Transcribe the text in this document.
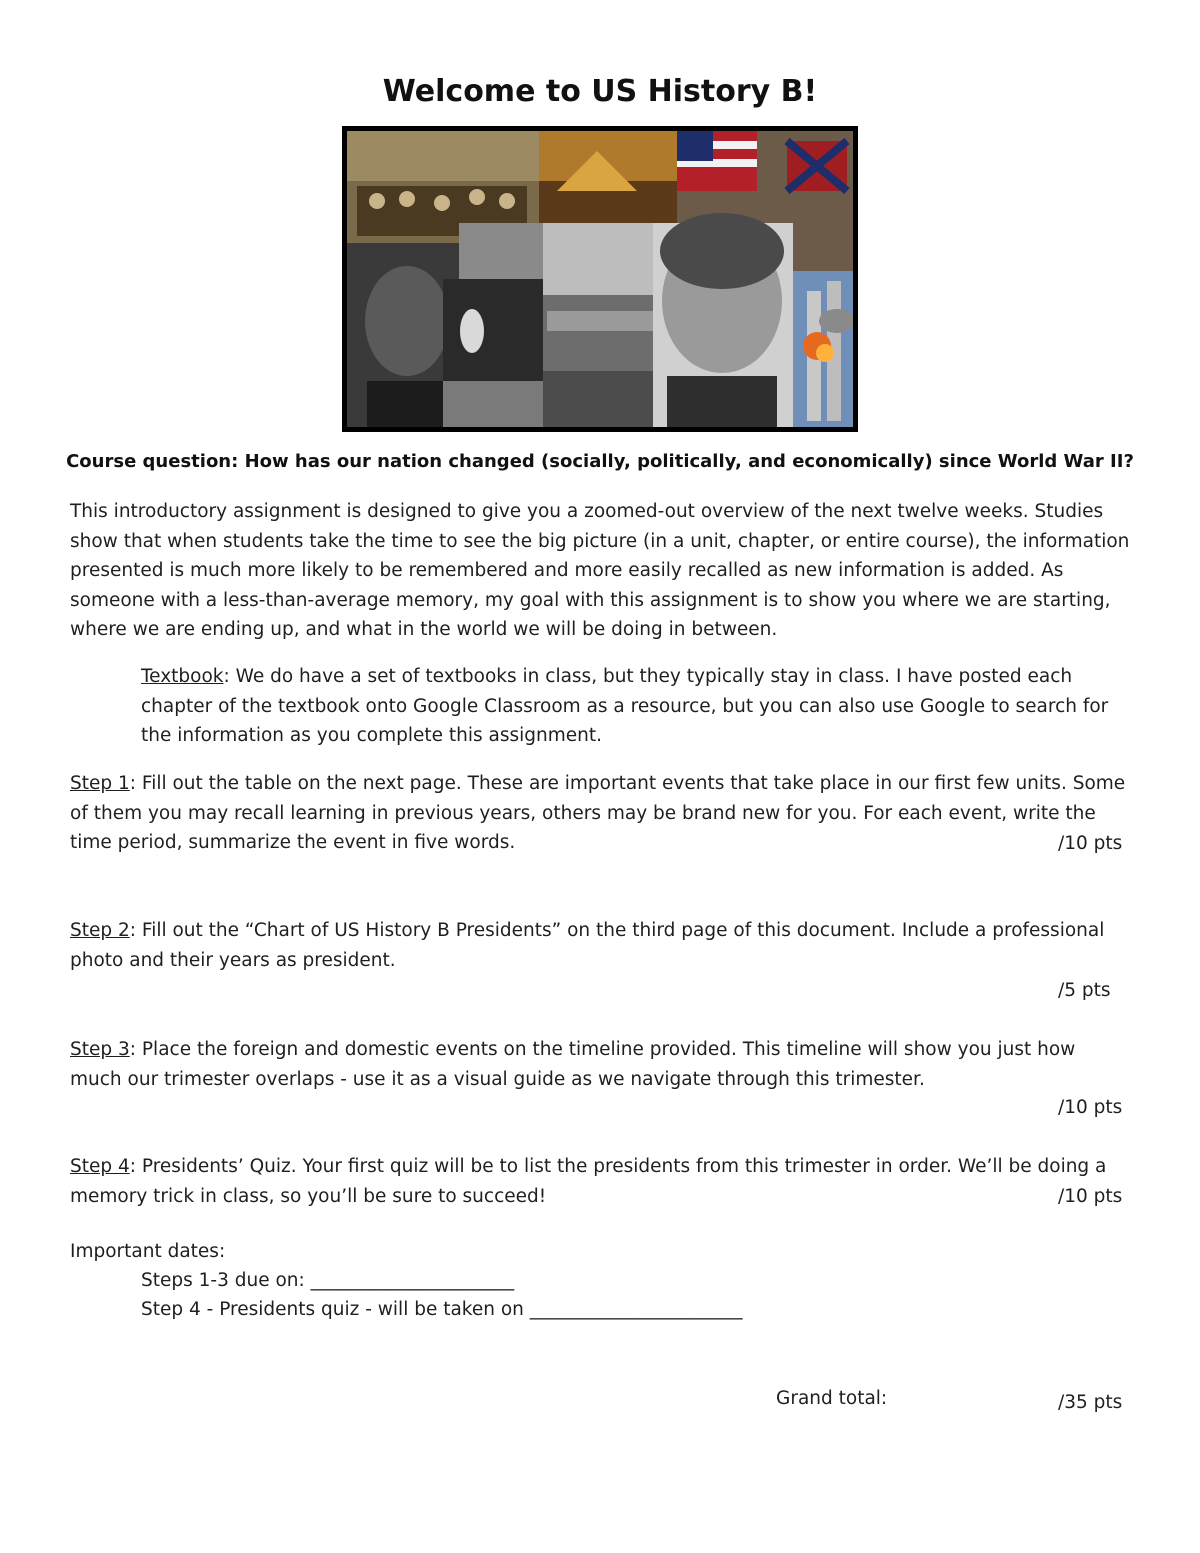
Welcome to US History B!
Course question: How has our nation changed (socially, politically, and economically) since World War II?
This introductory assignment is designed to give you a zoomed-out overview of the next twelve weeks. Studies show that when students take the time to see the big picture (in a unit, chapter, or entire course), the information presented is much more likely to be remembered and more easily recalled as new information is added. As someone with a less-than-average memory, my goal with this assignment is to show you where we are starting, where we are ending up, and what in the world we will be doing in between.
Textbook: We do have a set of textbooks in class, but they typically stay in class. I have posted each chapter of the textbook onto Google Classroom as a resource, but you can also use Google to search for the information as you complete this assignment.
Step 1: Fill out the table on the next page. These are important events that take place in our first few units. Some of them you may recall learning in previous years, others may be brand new for you. For each event, write the time period, summarize the event in five words.	/10 pts
Step 2: Fill out the “Chart of US History B Presidents” on the third page of this document. Include a professional photo and their years as president.
/5 pts
Step 3: Place the foreign and domestic events on the timeline provided. This timeline will show you just how much our trimester overlaps - use it as a visual guide as we navigate through this trimester.
/10 pts
Step 4: Presidents’ Quiz. Your first quiz will be to list the presidents from this trimester in order. We’ll be doing a memory trick in class, so you’ll be sure to succeed!	/10 pts
Important dates:
Steps 1-3 due on: ______________________
Step 4 - Presidents quiz - will be taken on _______________________
Grand total:	/35 pts
